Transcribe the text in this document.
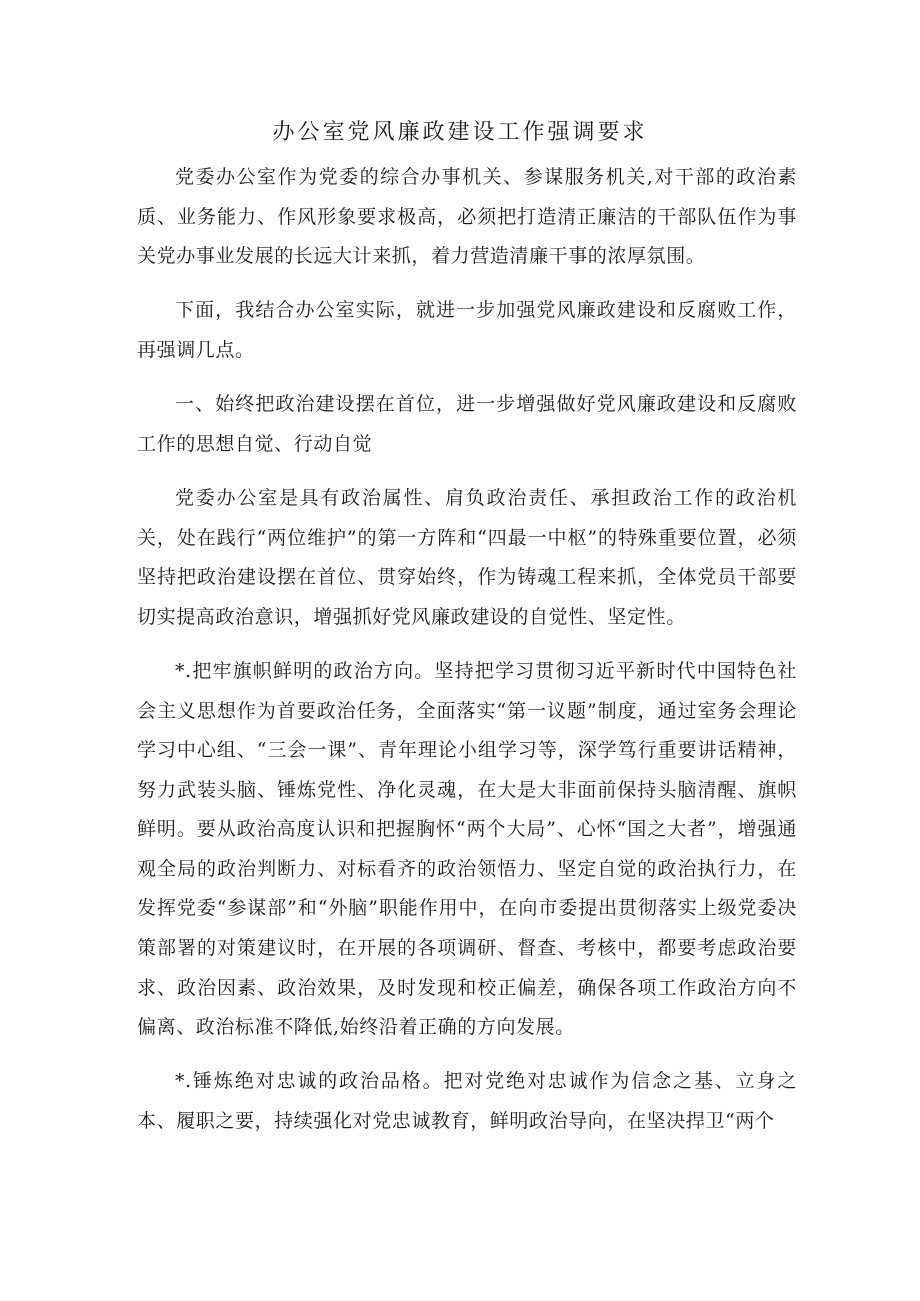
办公室党风廉政建设工作强调要求

党委办公室作为党委的综合办事机关、参谋服务机关,对干部的政治素质、业务能力、作风形象要求极高，必须把打造清正廉洁的干部队伍作为事关党办事业发展的长远大计来抓，着力营造清廉干事的浓厚氛围。

下面，我结合办公室实际，就进一步加强党风廉政建设和反腐败工作，再强调几点。

一、始终把政治建设摆在首位，进一步增强做好党风廉政建设和反腐败工作的思想自觉、行动自觉

党委办公室是具有政治属性、肩负政治责任、承担政治工作的政治机关，处在践行“两位维护”的第一方阵和“四最一中枢”的特殊重要位置，必须坚持把政治建设摆在首位、贯穿始终，作为铸魂工程来抓，全体党员干部要切实提高政治意识，增强抓好党风廉政建设的自觉性、坚定性。

*.把牢旗帜鲜明的政治方向。坚持把学习贯彻习近平新时代中国特色社会主义思想作为首要政治任务，全面落实“第一议题”制度，通过室务会理论学习中心组、“三会一课”、青年理论小组学习等，深学笃行重要讲话精神，努力武装头脑、锤炼党性、净化灵魂，在大是大非面前保持头脑清醒、旗帜鲜明。要从政治高度认识和把握胸怀“两个大局”、心怀“国之大者”，增强通观全局的政治判断力、对标看齐的政治领悟力、坚定自觉的政治执行力，在发挥党委“参谋部”和“外脑”职能作用中，在向市委提出贯彻落实上级党委决策部署的对策建议时，在开展的各项调研、督查、考核中，都要考虑政治要求、政治因素、政治效果，及时发现和校正偏差，确保各项工作政治方向不偏离、政治标准不降低,始终沿着正确的方向发展。

*.锤炼绝对忠诚的政治品格。把对党绝对忠诚作为信念之基、立身之本、履职之要，持续强化对党忠诚教育，鲜明政治导向，在坚决捍卫“两个
